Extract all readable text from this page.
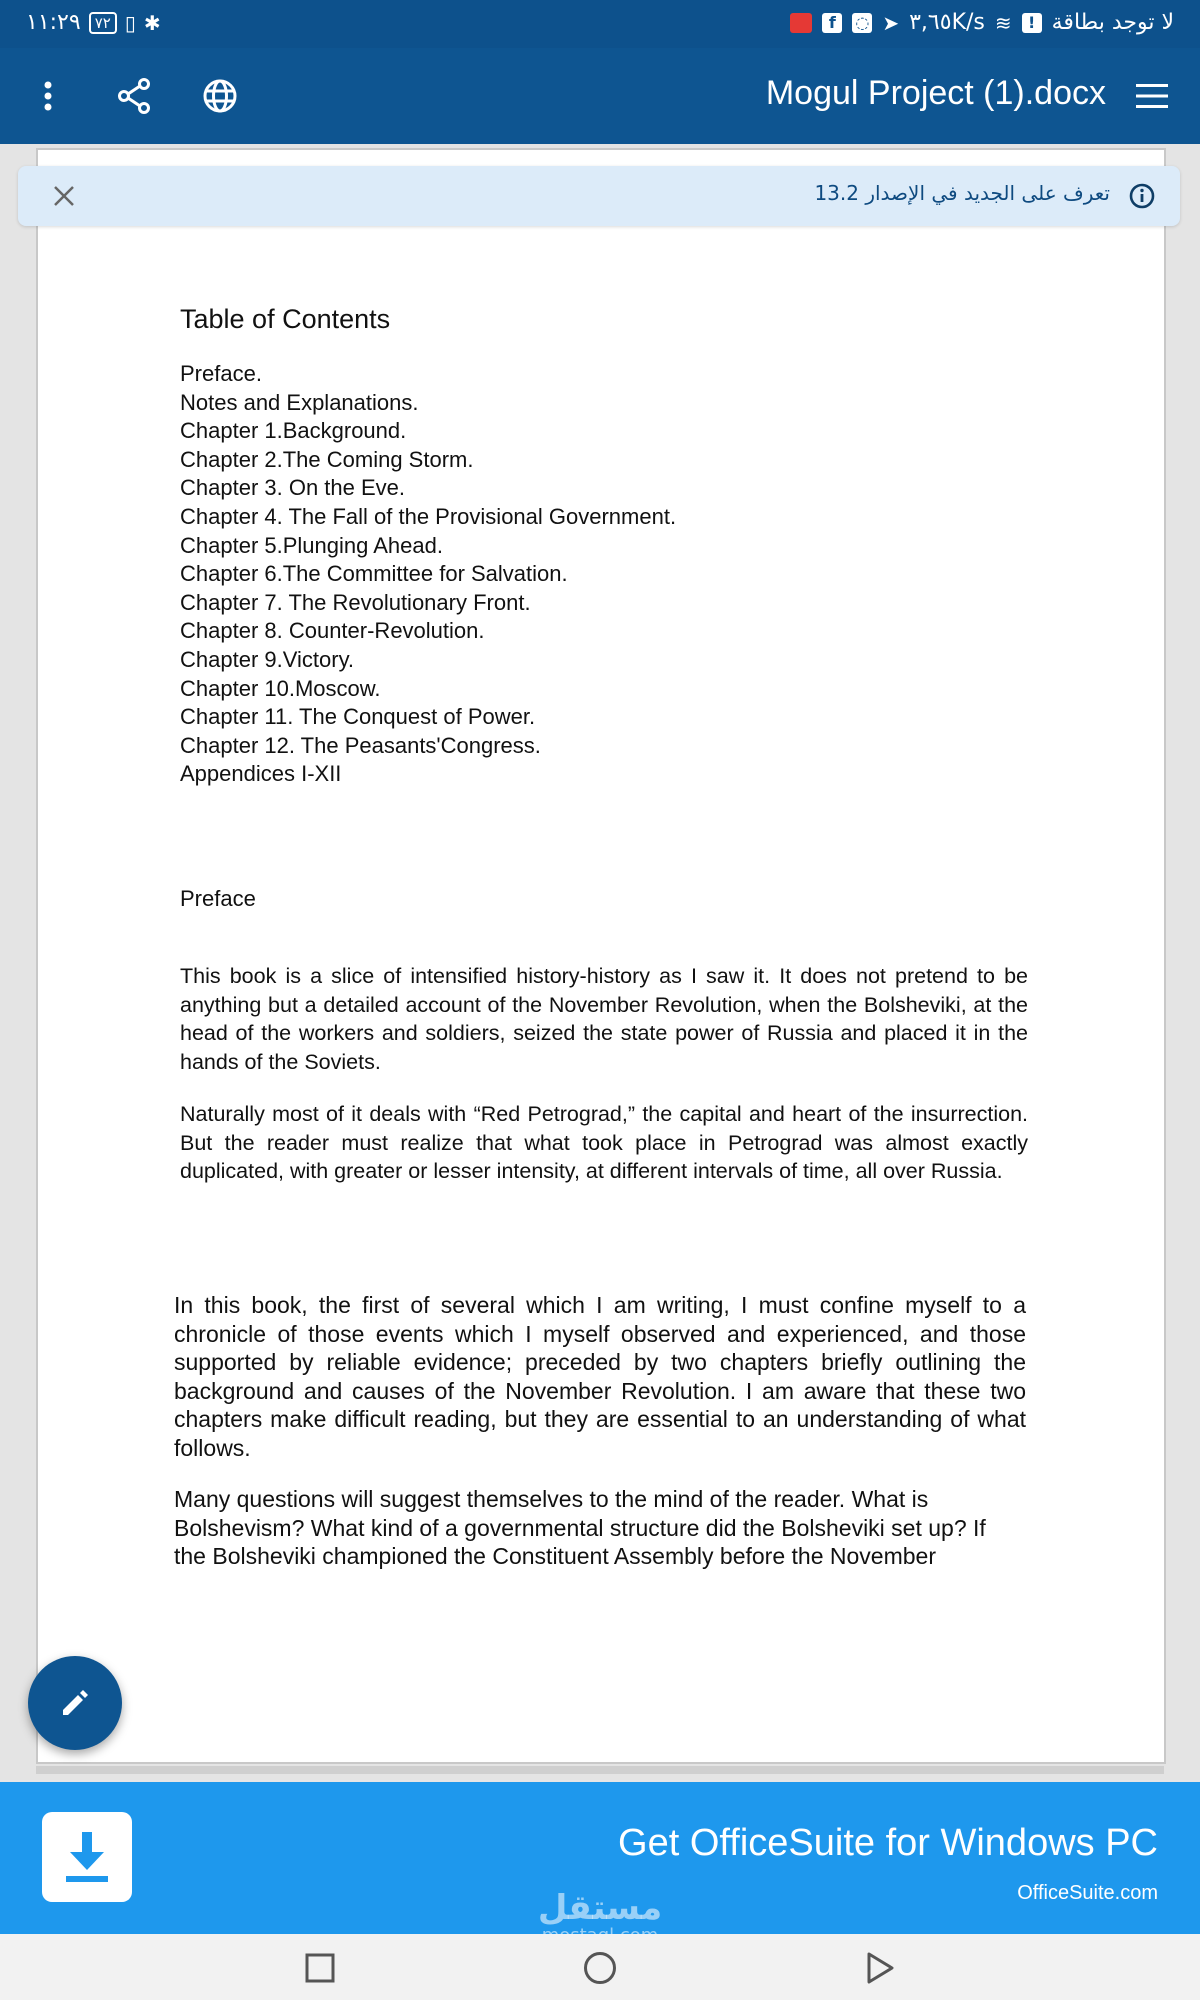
١١:٢٩ ٧٢ ▯ ✱	f	◌ ➤ ٣,٦٥K/s ≋	! لا توجد بطاقة
Mogul Project (1).docx
تعرف على الجديد في الإصدار 13.2
Table of Contents
Preface.
Notes and Explanations.
Chapter 1.Background.
Chapter 2.The Coming Storm.
Chapter 3. On the Eve.
Chapter 4. The Fall of the Provisional Government.
Chapter 5.Plunging Ahead.
Chapter 6.The Committee for Salvation.
Chapter 7. The Revolutionary Front.
Chapter 8. Counter-Revolution.
Chapter 9.Victory.
Chapter 10.Moscow.
Chapter 11. The Conquest of Power.
Chapter 12. The Peasants'Congress.
Appendices I-XII
Preface
This book is a slice of intensified history-history as I saw it. It does not pretend to be anything but a detailed account of the November Revolution, when the Bolsheviki, at the head of the workers and soldiers, seized the state power of Russia and placed it in the hands of the Soviets.
Naturally most of it deals with “Red Petrograd,” the capital and heart of the insurrection. But the reader must realize that what took place in Petrograd was almost exactly duplicated, with greater or lesser intensity, at different intervals of time, all over Russia.
In this book, the first of several which I am writing, I must confine myself to a chronicle of those events which I myself observed and experienced, and those supported by reliable evidence; preceded by two chapters briefly outlining the background and causes of the November Revolution. I am aware that these two chapters make difficult reading, but they are essential to an understanding of what follows.
Many questions will suggest themselves to the mind of the reader. What is Bolshevism? What kind of a governmental structure did the Bolsheviki set up? If
the Bolsheviki championed the Constituent Assembly before the November
Get OfficeSuite for Windows PC
OfficeSuite.com
مستقل
